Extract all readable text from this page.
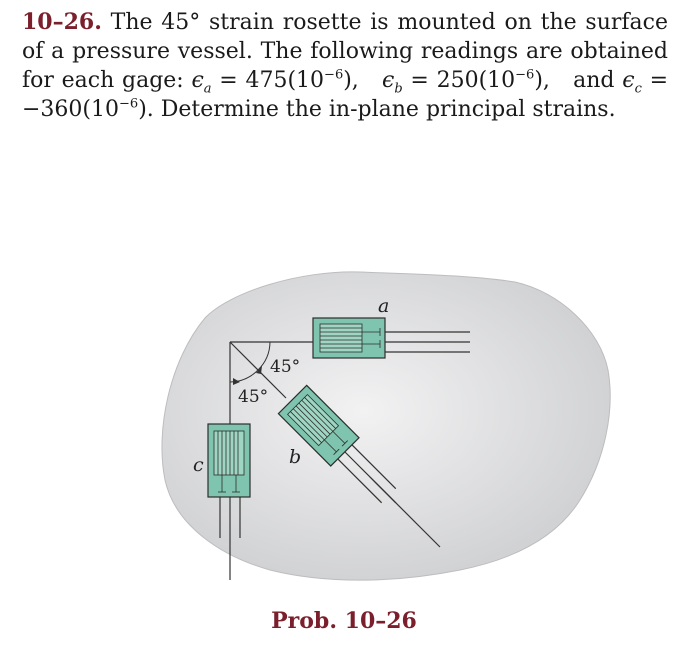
10–26. The 45° strain rosette is mounted on the surface of a pressure vessel. The following readings are obtained for each gage: $\epsilon_a = 475(10^{-6})$, $\epsilon_b = 250(10^{-6})$, and $\epsilon_c = -360(10^{-6})$. Determine the in-plane principal strains.
a
b
c
45°
45°
Prob. 10–26
